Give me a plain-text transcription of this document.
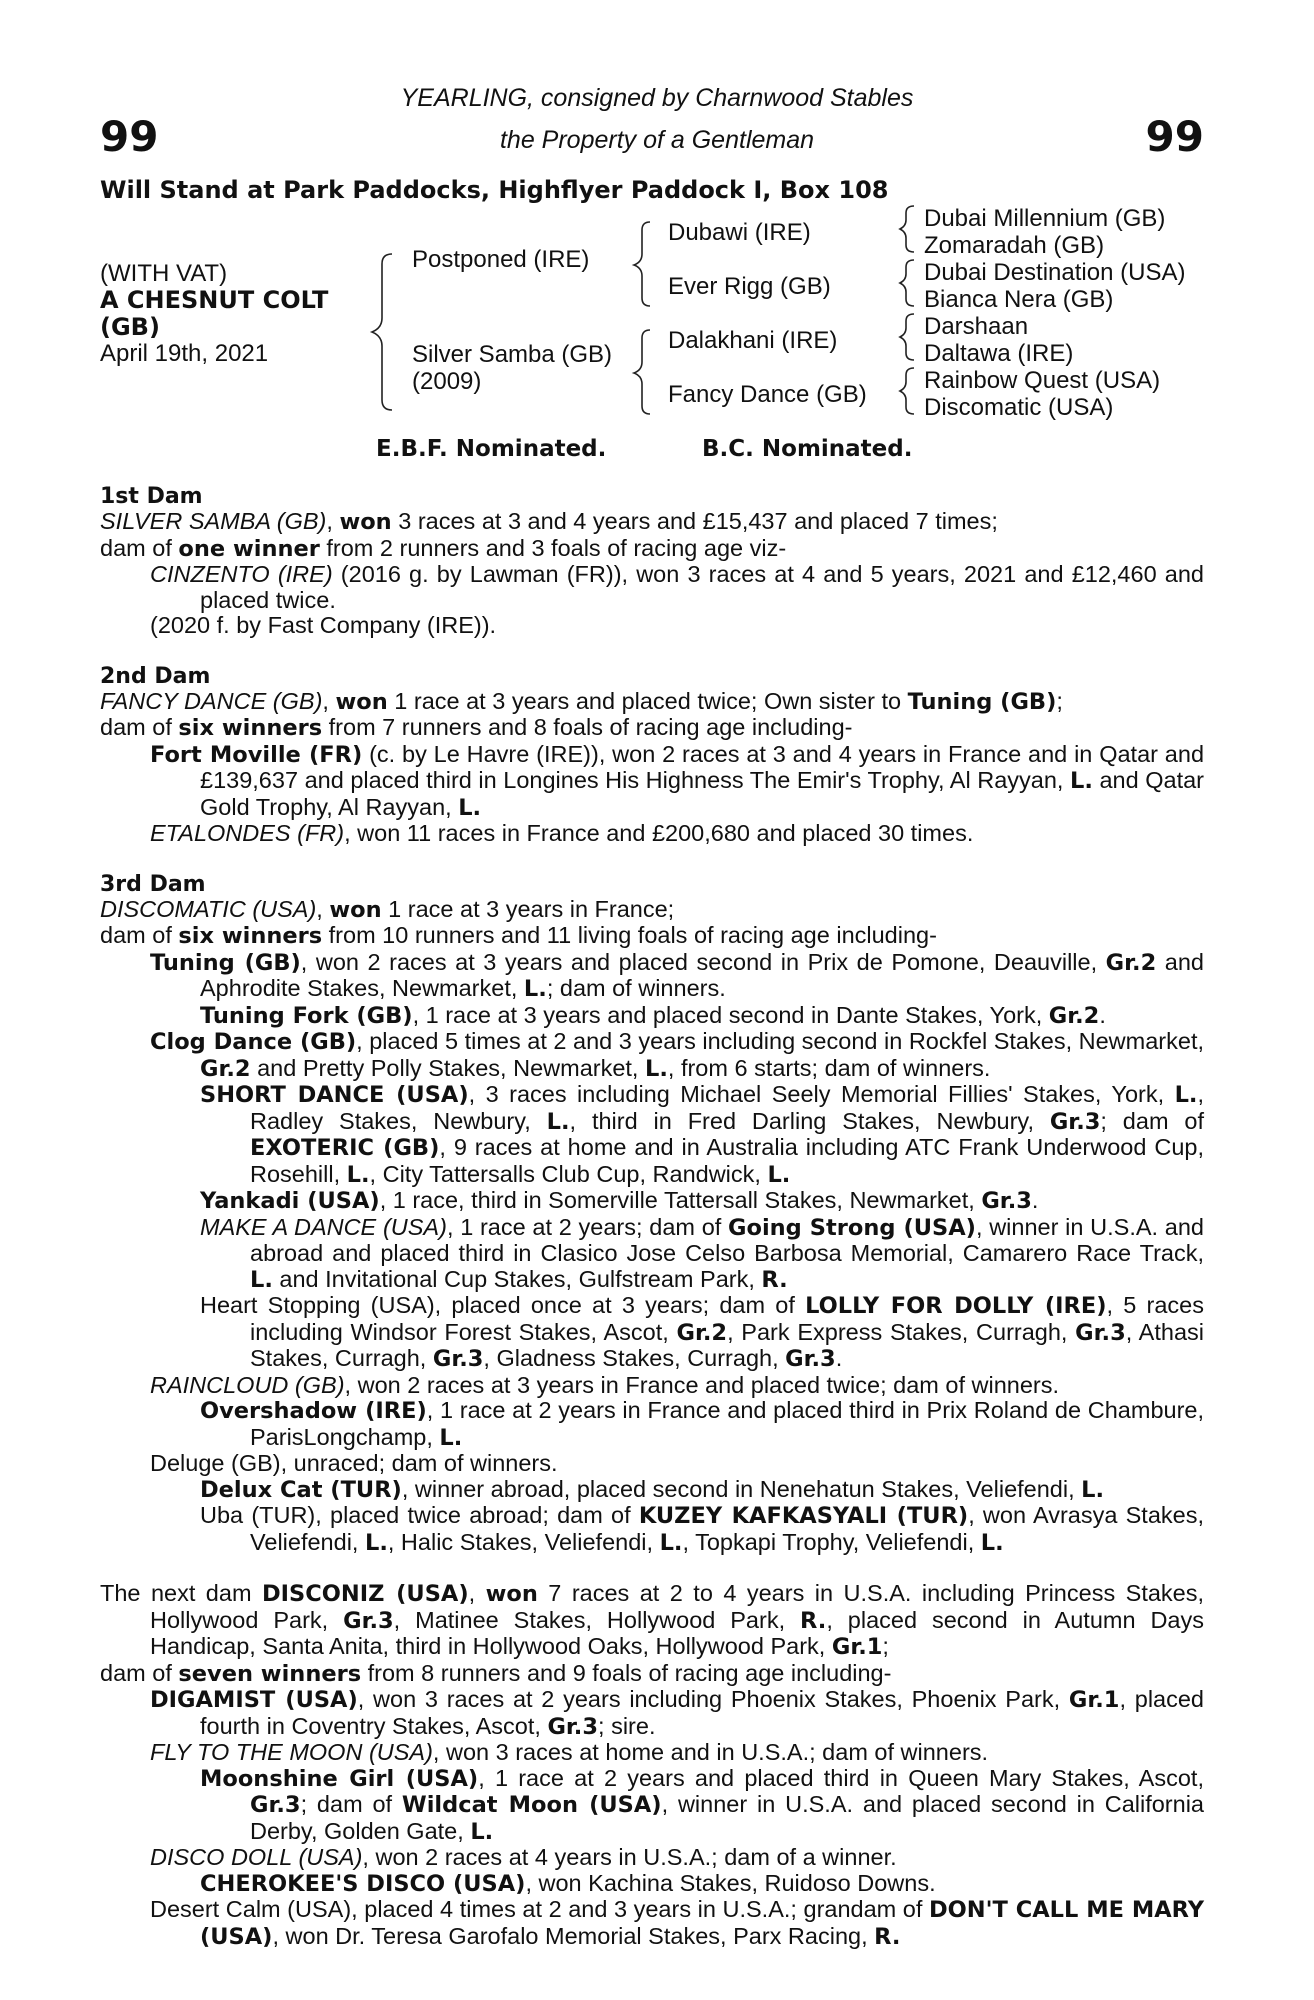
99	99
YEARLING, consigned by Charnwood Stables
the Property of a Gentleman
Will Stand at Park Paddocks, Highflyer Paddock I, Box 108
(WITH VAT)
A CHESNUT COLT
(GB)
April 19th, 2021
Postponed (IRE)
Silver Samba (GB)
(2009)
Dubawi (IRE)
Ever Rigg (GB)
Dalakhani (IRE)
Fancy Dance (GB)
Dubai Millennium (GB)
Zomaradah (GB)
Dubai Destination (USA)
Bianca Nera (GB)
Darshaan
Daltawa (IRE)
Rainbow Quest (USA)
Discomatic (USA)
E.B.F. Nominated.	B.C. Nominated.
1st Dam

SILVER SAMBA (GB), won 3 races at 3 and 4 years and £15,437 and placed 7 times;

dam of one winner from 2 runners and 3 foals of racing age viz-

CINZENTO (IRE) (2016 g. by Lawman (FR)), won 3 races at 4 and 5 years, 2021 and £12,460 and placed twice.

(2020 f. by Fast Company (IRE)).

2nd Dam

FANCY DANCE (GB), won 1 race at 3 years and placed twice; Own sister to Tuning (GB);

dam of six winners from 7 runners and 8 foals of racing age including-

Fort Moville (FR) (c. by Le Havre (IRE)), won 2 races at 3 and 4 years in France and in Qatar and £139,637 and placed third in Longines His Highness The Emir's Trophy, Al Rayyan, L. and Qatar Gold Trophy, Al Rayyan, L.

ETALONDES (FR), won 11 races in France and £200,680 and placed 30 times.

3rd Dam

DISCOMATIC (USA), won 1 race at 3 years in France;

dam of six winners from 10 runners and 11 living foals of racing age including-

Tuning (GB), won 2 races at 3 years and placed second in Prix de Pomone, Deauville, Gr.2 and Aphrodite Stakes, Newmarket, L.; dam of winners.

Tuning Fork (GB), 1 race at 3 years and placed second in Dante Stakes, York, Gr.2.

Clog Dance (GB), placed 5 times at 2 and 3 years including second in Rockfel Stakes, Newmarket, Gr.2 and Pretty Polly Stakes, Newmarket, L., from 6 starts; dam of winners.

SHORT DANCE (USA), 3 races including Michael Seely Memorial Fillies' Stakes, York, L., Radley Stakes, Newbury, L., third in Fred Darling Stakes, Newbury, Gr.3; dam of EXOTERIC (GB), 9 races at home and in Australia including ATC Frank Underwood Cup, Rosehill, L., City Tattersalls Club Cup, Randwick, L.

Yankadi (USA), 1 race, third in Somerville Tattersall Stakes, Newmarket, Gr.3.

MAKE A DANCE (USA), 1 race at 2 years; dam of Going Strong (USA), winner in U.S.A. and abroad and placed third in Clasico Jose Celso Barbosa Memorial, Camarero Race Track, L. and Invitational Cup Stakes, Gulfstream Park, R.

Heart Stopping (USA), placed once at 3 years; dam of LOLLY FOR DOLLY (IRE), 5 races including Windsor Forest Stakes, Ascot, Gr.2, Park Express Stakes, Curragh, Gr.3, Athasi Stakes, Curragh, Gr.3, Gladness Stakes, Curragh, Gr.3.

RAINCLOUD (GB), won 2 races at 3 years in France and placed twice; dam of winners.

Overshadow (IRE), 1 race at 2 years in France and placed third in Prix Roland de Chambure, ParisLongchamp, L.

Deluge (GB), unraced; dam of winners.

Delux Cat (TUR), winner abroad, placed second in Nenehatun Stakes, Veliefendi, L.

Uba (TUR), placed twice abroad; dam of KUZEY KAFKASYALI (TUR), won Avrasya Stakes, Veliefendi, L., Halic Stakes, Veliefendi, L., Topkapi Trophy, Veliefendi, L.

The next dam DISCONIZ (USA), won 7 races at 2 to 4 years in U.S.A. including Princess Stakes, Hollywood Park, Gr.3, Matinee Stakes, Hollywood Park, R., placed second in Autumn Days Handicap, Santa Anita, third in Hollywood Oaks, Hollywood Park, Gr.1;

dam of seven winners from 8 runners and 9 foals of racing age including-

DIGAMIST (USA), won 3 races at 2 years including Phoenix Stakes, Phoenix Park, Gr.1, placed fourth in Coventry Stakes, Ascot, Gr.3; sire.

FLY TO THE MOON (USA), won 3 races at home and in U.S.A.; dam of winners.

Moonshine Girl (USA), 1 race at 2 years and placed third in Queen Mary Stakes, Ascot, Gr.3; dam of Wildcat Moon (USA), winner in U.S.A. and placed second in California Derby, Golden Gate, L.

DISCO DOLL (USA), won 2 races at 4 years in U.S.A.; dam of a winner.

CHEROKEE'S DISCO (USA), won Kachina Stakes, Ruidoso Downs.

Desert Calm (USA), placed 4 times at 2 and 3 years in U.S.A.; grandam of DON'T CALL ME MARY (USA), won Dr. Teresa Garofalo Memorial Stakes, Parx Racing, R.
